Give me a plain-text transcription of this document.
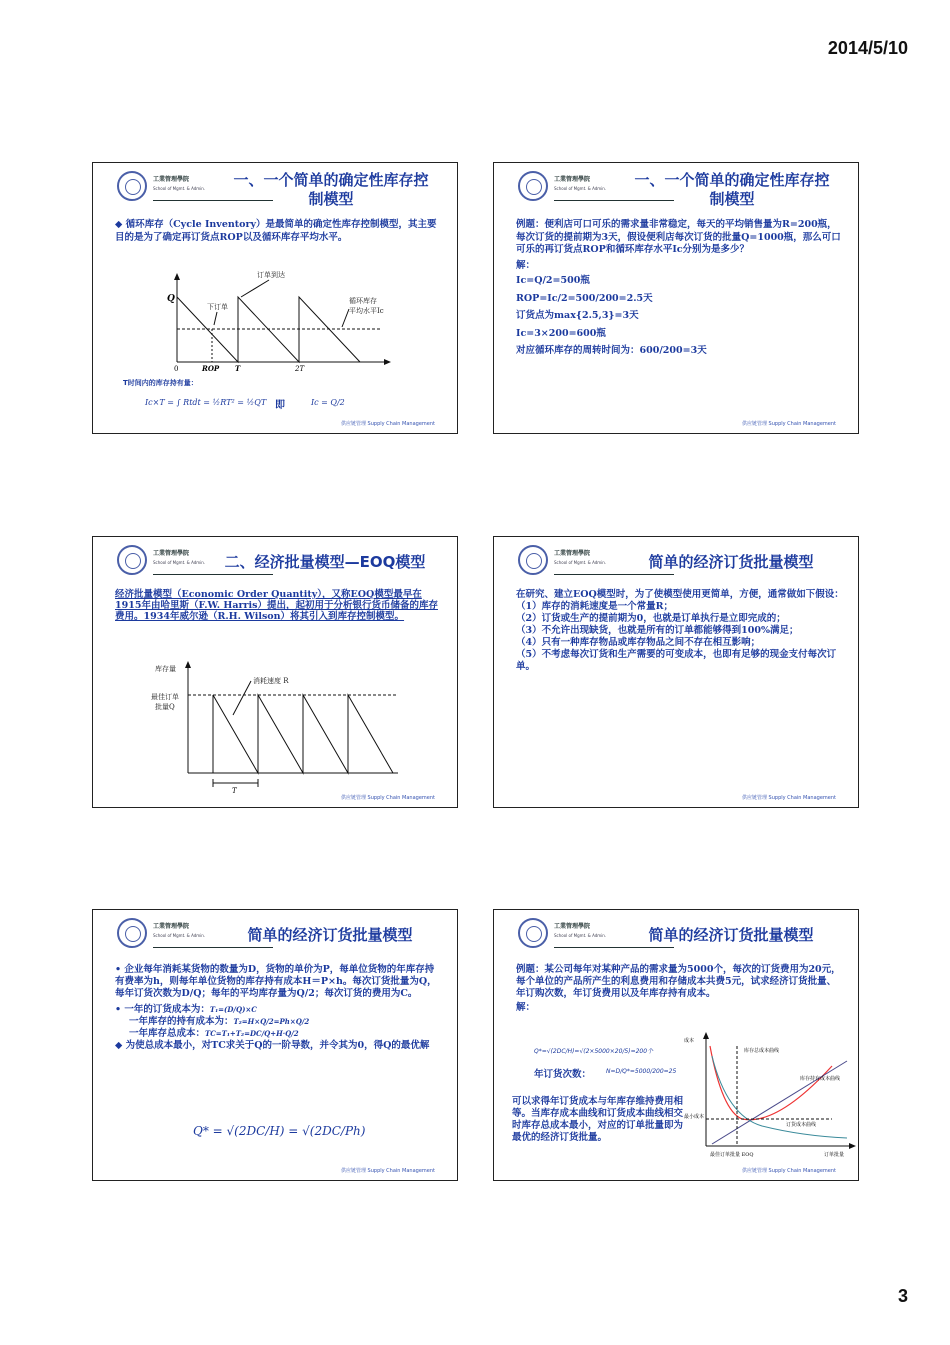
2014/5/10
工業管理學院
School of Mgmt. & Admin.	一、一个简单的确定性库存控
制模型

◆ 循环库存（Cycle Inventory）是最简单的确定性库存控制模型，其主要目的是为了确定再订货点ROP以及循环库存平均水平。

Q
0	ROP T	2T
订单到达
下订单
循环库存
平均水平Ic
T时间内的库存持有量：
Ic×T = ∫ Rtdt = ½RT² = ½QT 即	Ic = Q/2
供应链管理 Supply Chain Management
工業管理學院
School of Mgmt. & Admin.	一、一个简单的确定性库存控
制模型

例题：便利店可口可乐的需求量非常稳定，每天的平均销售量为R=200瓶，每次订货的提前期为3天，假设便利店每次订货的批量Q=1000瓶，那么可口可乐的再订货点ROP和循环库存水平Ic分别为是多少？

解：

Ic=Q/2=500瓶

ROP=Ic/2=500/200=2.5天

订货点为max{2.5,3}=3天

Ic=3×200=600瓶

对应循环库存的周转时间为：600/200=3天

供应链管理 Supply Chain Management
工業管理學院
School of Mgmt. & Admin.	二、经济批量模型—EOQ模型

经济批量模型（Economic Order Quantity），又称EOQ模型最早在1915年由哈里斯（F.W. Harris）提出，起初用于分析银行货币储备的库存费用。1934年威尔逊（R.H. Wilson）将其引入到库存控制模型。

T
库存量
消耗速度 R
最佳订单
批量Q
供应链管理 Supply Chain Management
工業管理學院
School of Mgmt. & Admin.	简单的经济订货批量模型

在研究、建立EOQ模型时，为了使模型使用更简单，方便，通常做如下假设：

（1）库存的消耗速度是一个常量R；

（2）订货或生产的提前期为0，也就是订单执行是立即完成的；

（3）不允许出现缺货，也就是所有的订单都能够得到100%满足；

（4）只有一种库存物品或库存物品之间不存在相互影响；

（5）不考虑每次订货和生产需要的可变成本，也即有足够的现金支付每次订单。

供应链管理 Supply Chain Management
工業管理學院
School of Mgmt. & Admin.	简单的经济订货批量模型

• 企业每年消耗某货物的数量为D，货物的单价为P，每单位货物的年库存持有费率为h，则每年单位货物的库存持有成本H＝P×h。每次订货批量为Q，每年订货次数为D/Q；每年的平均库存量为Q/2；每次订货的费用为C。

• 一年的订货成本为：T₁=(D/Q)×C

一年库存的持有成本为：T₂=H×Q/2=Ph×Q/2

一年库存总成本：TC=T₁+T₂=DC/Q+H·Q/2

◆ 为使总成本最小，对TC求关于Q的一阶导数，并令其为0，得Q的最优解

Q* = √(2DC/H) = √(2DC/Ph)
供应链管理 Supply Chain Management
工業管理學院
School of Mgmt. & Admin.	简单的经济订货批量模型

例题：某公司每年对某种产品的需求量为5000个，每次的订货费用为20元，每个单位的产品所产生的利息费用和存储成本共费5元，试求经济订货批量、年订购次数，年订货费用以及年库存持有成本。

解：

Q*=√(2DC/H)=√(2×5000×20/5)=200个
年订货次数： N=D/Q*=5000/200=25

可以求得年订货成本与年库存维持费用相等。当库存成本曲线和订货成本曲线相交时库存总成本最小，对应的订单批量即为最优的经济订货批量。

成本
库存总成本曲线
库存持有成本曲线
最小成本
订货成本曲线
最佳订单批量 EOQ	订单批量
供应链管理 Supply Chain Management
3
